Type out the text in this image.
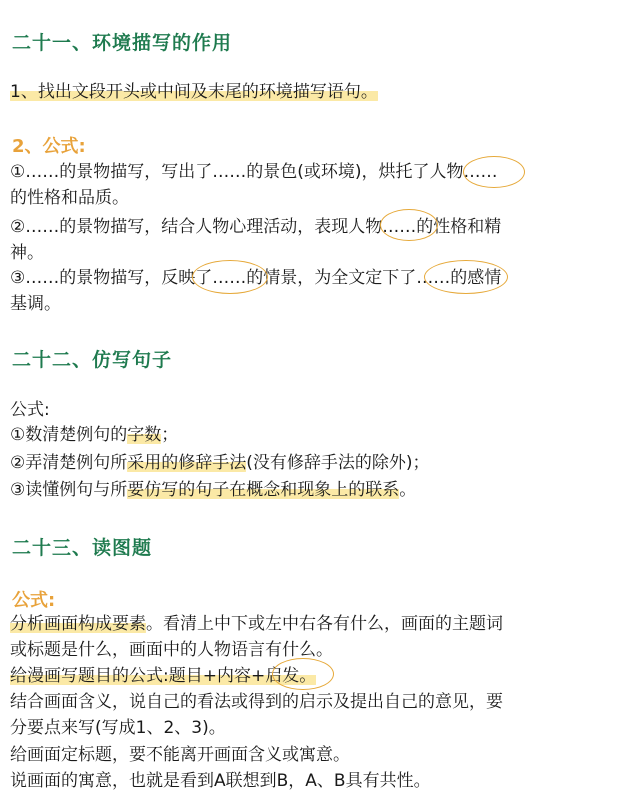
二十一、环境描写的作用
1、找出文段开头或中间及末尾的环境描写语句。
2、公式:
①……的景物描写，写出了……的景色(或环境)，烘托了人物……
的性格和品质。
②……的景物描写，结合人物心理活动，表现人物……的性格和精
神。
③……的景物描写，反映了……的情景，为全文定下了……的感情
基调。
二十二、仿写句子
公式:
①数清楚例句的字数；
②弄清楚例句所采用的修辞手法(没有修辞手法的除外)；
③读懂例句与所要仿写的句子在概念和现象上的联系。
二十三、读图题
公式:
分析画面构成要素。看清上中下或左中右各有什么，画面的主题词
或标题是什么，画面中的人物语言有什么。
给漫画写题目的公式:题目+内容+启发。
结合画面含义，说自己的看法或得到的启示及提出自己的意见，要
分要点来写(写成1、2、3)。
给画面定标题，要不能离开画面含义或寓意。
说画面的寓意，也就是看到A联想到B，A、B具有共性。
